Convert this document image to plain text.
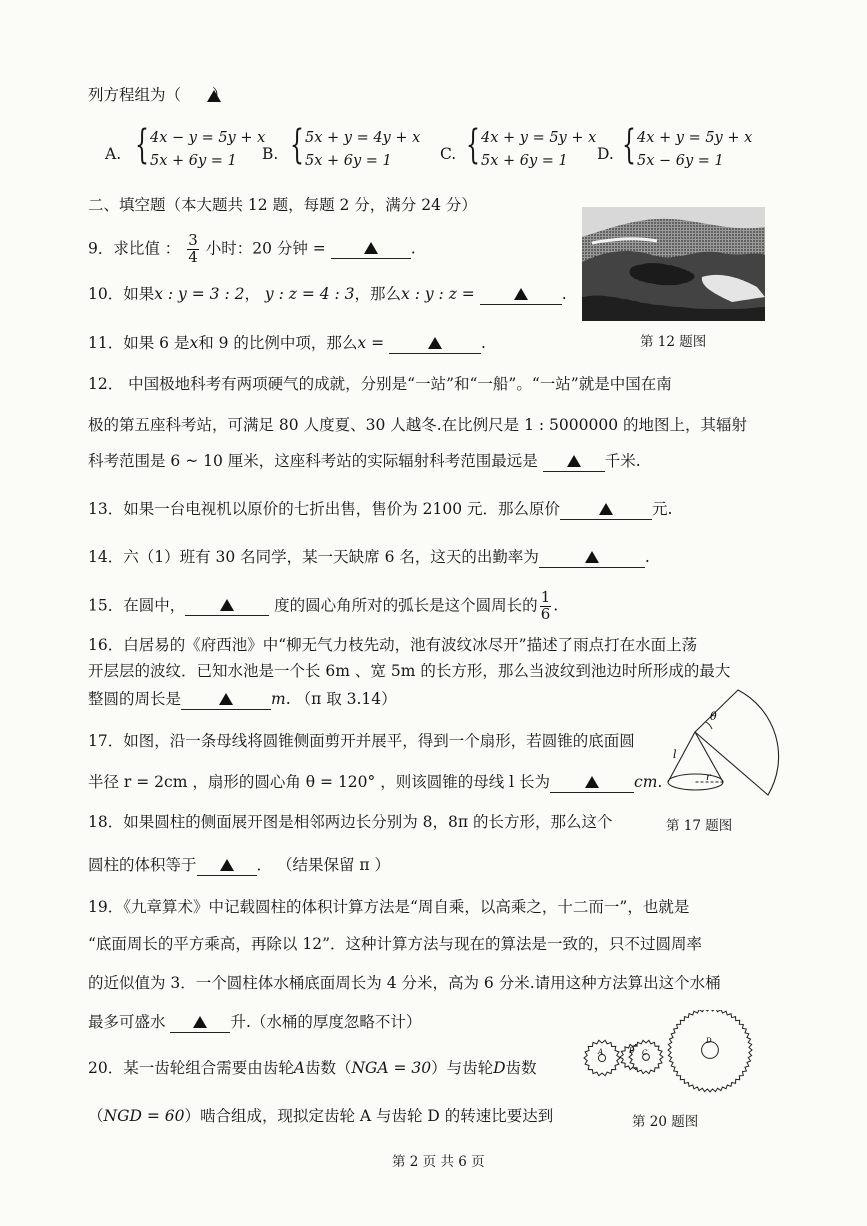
列方程组为（　　）
A. { 4x − y = 5y + x
5x + 6y = 1	B. { 5x + y = 4y + x
5x + 6y = 1	C. { 4x + y = 5y + x
5x + 6y = 1	D. { 4x + y = 5y + x
5x − 6y = 1
二、填空题（本大题共 12 题，每题 2 分，满分 24 分）
第 12 题图
9．求比值 ： $\frac{3}{4}$ 小时：20 分钟 =	.
10．如果x : y = 3 : 2， y : z = 4 : 3，那么x : y : z =	.
11．如果 6 是x和 9 的比例中项，那么x =	.
12． 中国极地科考有两项硬气的成就，分别是“一站”和“一船”。“一站”就是中国在南
极的第五座科考站，可满足 80 人度夏、30 人越冬.在比例尺是 1 : 5000000 的地图上，其辐射
科考范围是 6 ~ 10 厘米，这座科考站的实际辐射科考范围最远是	千米.
13．如果一台电视机以原价的七折出售，售价为 2100 元．那么原价	元.
14．六（1）班有 30 名同学，某一天缺席 6 名，这天的出勤率为	.
15．在圆中，	度的圆心角所对的弧长是这个圆周长的 $\frac{1}{6}$ .
16．白居易的《府西池》中“柳无气力枝先动，池有波纹冰尽开”描述了雨点打在水面上荡
开层层的波纹．已知水池是一个长 6m 、宽 5m 的长方形，那么当波纹到池边时所形成的最大
整圆的周长是	m. （π 取 3.14）
θ
l
r
17．如图，沿一条母线将圆锥侧面剪开并展平，得到一个扇形，若圆锥的底面圆
半径 r = 2cm ，扇形的圆心角 θ = 120° ，则该圆锥的母线 l 长为	cm.
第 17 题图
18．如果圆柱的侧面展开图是相邻两边长分别为 8，8π 的长方形，那么这个
圆柱的体积等于	． （结果保留 π ）
19．《九章算术》中记载圆柱的体积计算方法是“周自乘，以高乘之，十二而一”，也就是
“底面周长的平方乘高，再除以 12”．这种计算方法与现在的算法是一致的，只不过圆周率
的近似值为 3．一个圆柱体水桶底面周长为 4 分米，高为 6 分米.请用这种方法算出这个水桶
最多可盛水	升.（水桶的厚度忽略不计）
A	B C
D
20．某一齿轮组合需要由齿轮A齿数（NGA = 30）与齿轮D齿数
（NGD = 60）啮合组成，现拟定齿轮 A 与齿轮 D 的转速比要达到	第 20 题图
第 2 页 共 6 页
